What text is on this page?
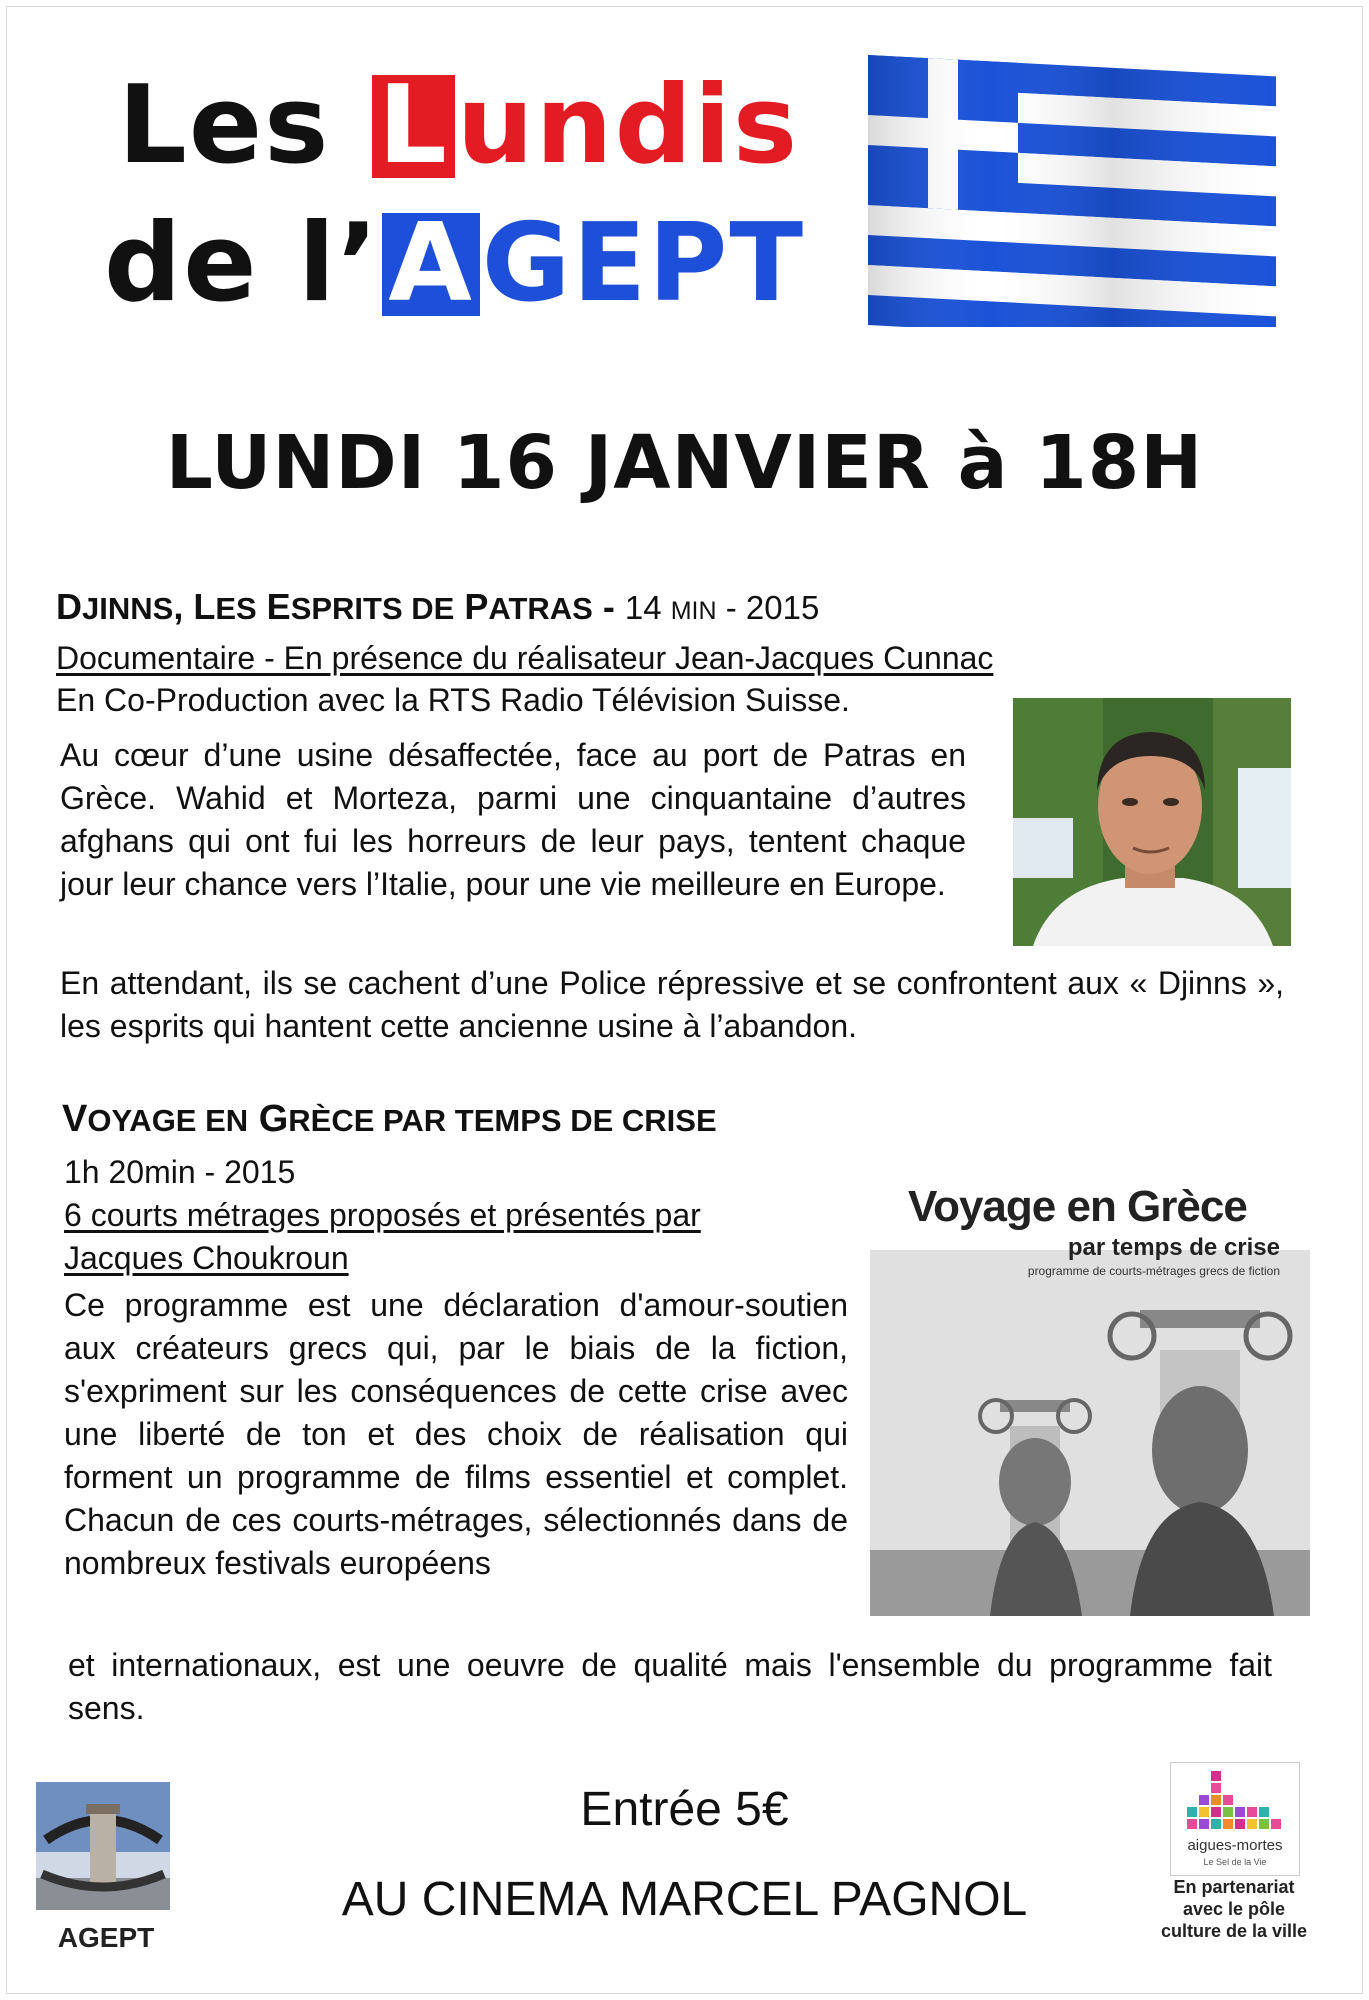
Les Lundis
de l’AGEPT
LUNDI 16 JANVIER à 18H
DJINNS, LES ESPRITS DE PATRAS - 14 MIN - 2015
Documentaire - En présence du réalisateur Jean-Jacques Cunnac
En Co-Production avec la RTS Radio Télévision Suisse.
Au cœur d’une usine désaffectée, face au port de Patras en Grèce. Wahid et Morteza, parmi une cinquantaine d’autres afghans qui ont fui les horreurs de leur pays, tentent chaque jour leur chance vers l’Italie, pour une vie meilleure en Europe.
En attendant, ils se cachent d’une Police répressive et se confrontent aux « Djinns », les esprits qui hantent cette ancienne usine à l’abandon.
VOYAGE EN GRÈCE PAR TEMPS DE CRISE
1h 20min - 2015
6 courts métrages proposés et présentés par
Jacques Choukroun
Ce programme est une déclaration d'amour-soutien aux créateurs grecs qui, par le biais de la fiction, s'expriment sur les conséquences de cette crise avec une liberté de ton et des choix de réalisation qui forment un programme de films essentiel et complet. Chacun de ces courts-métrages, sélectionnés dans de nombreux festivals européens
Voyage en Grèce
par temps de crise
programme de courts-métrages grecs de fiction
et internationaux, est une oeuvre de qualité mais l'ensemble du programme fait sens.
Entrée 5€
AU CINEMA MARCEL PAGNOL
AGEPT
aigues-mortes
Le Sel de la Vie
En partenariat avec le pôle culture de la ville
